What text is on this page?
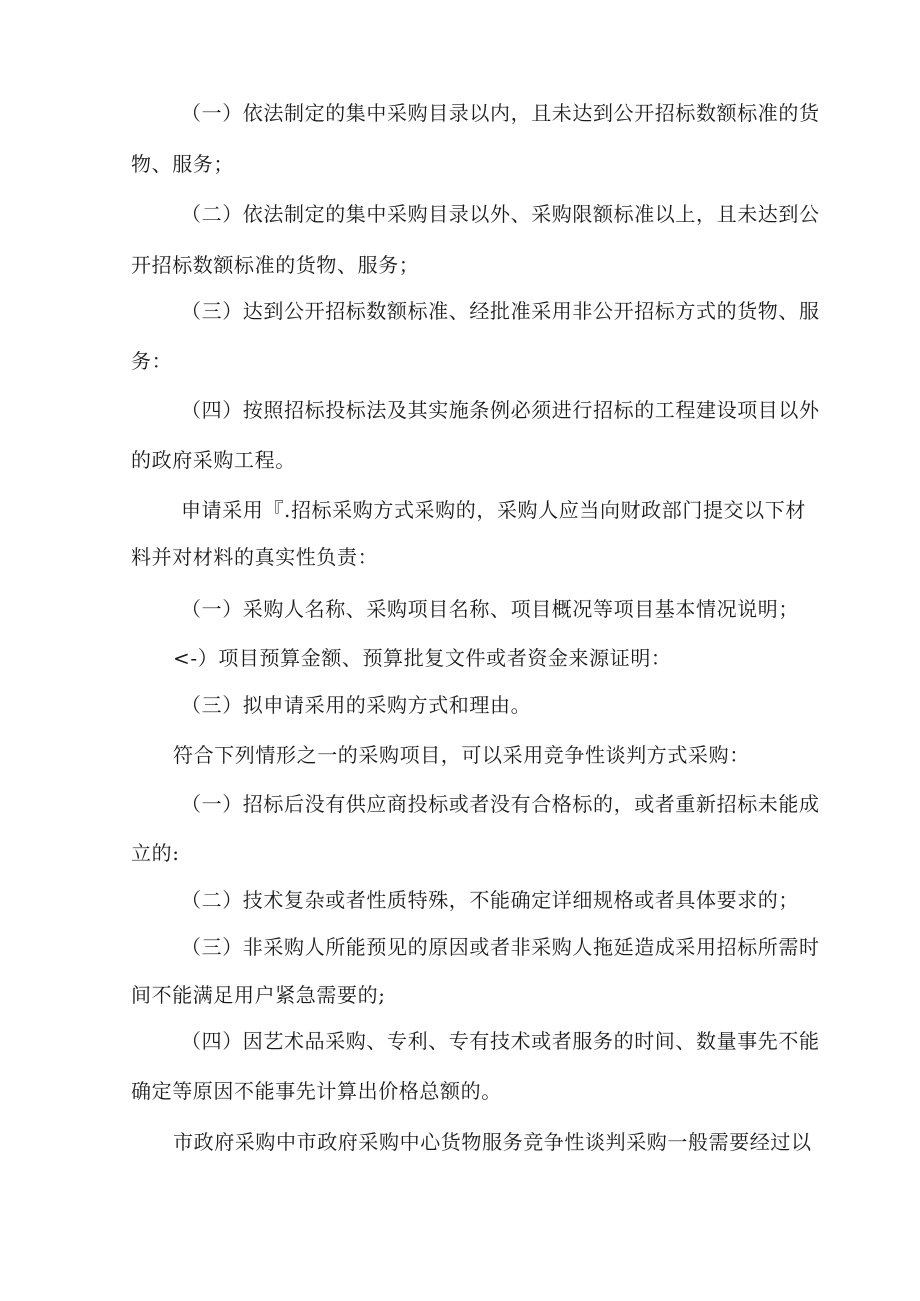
（一）依法制定的集中采购目录以内，且未达到公开招标数额标准的货
物、服务；
（二）依法制定的集中采购目录以外、采购限额标准以上，且未达到公
开招标数额标准的货物、服务；
（三）达到公开招标数额标准、经批准采用非公开招标方式的货物、服
务：
（四）按照招标投标法及其实施条例必须进行招标的工程建设项目以外
的政府采购工程。
申请采用『.招标采购方式采购的，采购人应当向财政部门提交以下材
料并对材料的真实性负责：
（一）采购人名称、采购项目名称、项目概况等项目基本情况说明；
<-）项目预算金额、预算批复文件或者资金来源证明：
（三）拟申请采用的采购方式和理由。
符合下列情形之一的采购项目，可以采用竞争性谈判方式采购：
（一）招标后没有供应商投标或者没有合格标的，或者重新招标未能成
立的:
（二）技术复杂或者性质特殊，不能确定详细规格或者具体要求的；
（三）非采购人所能预见的原因或者非采购人拖延造成采用招标所需时
间不能满足用户紧急需要的;
（四）因艺术品采购、专利、专有技术或者服务的时间、数量事先不能
确定等原因不能事先计算出价格总额的。
市政府采购中市政府采购中心货物服务竞争性谈判采购一般需要经过以
